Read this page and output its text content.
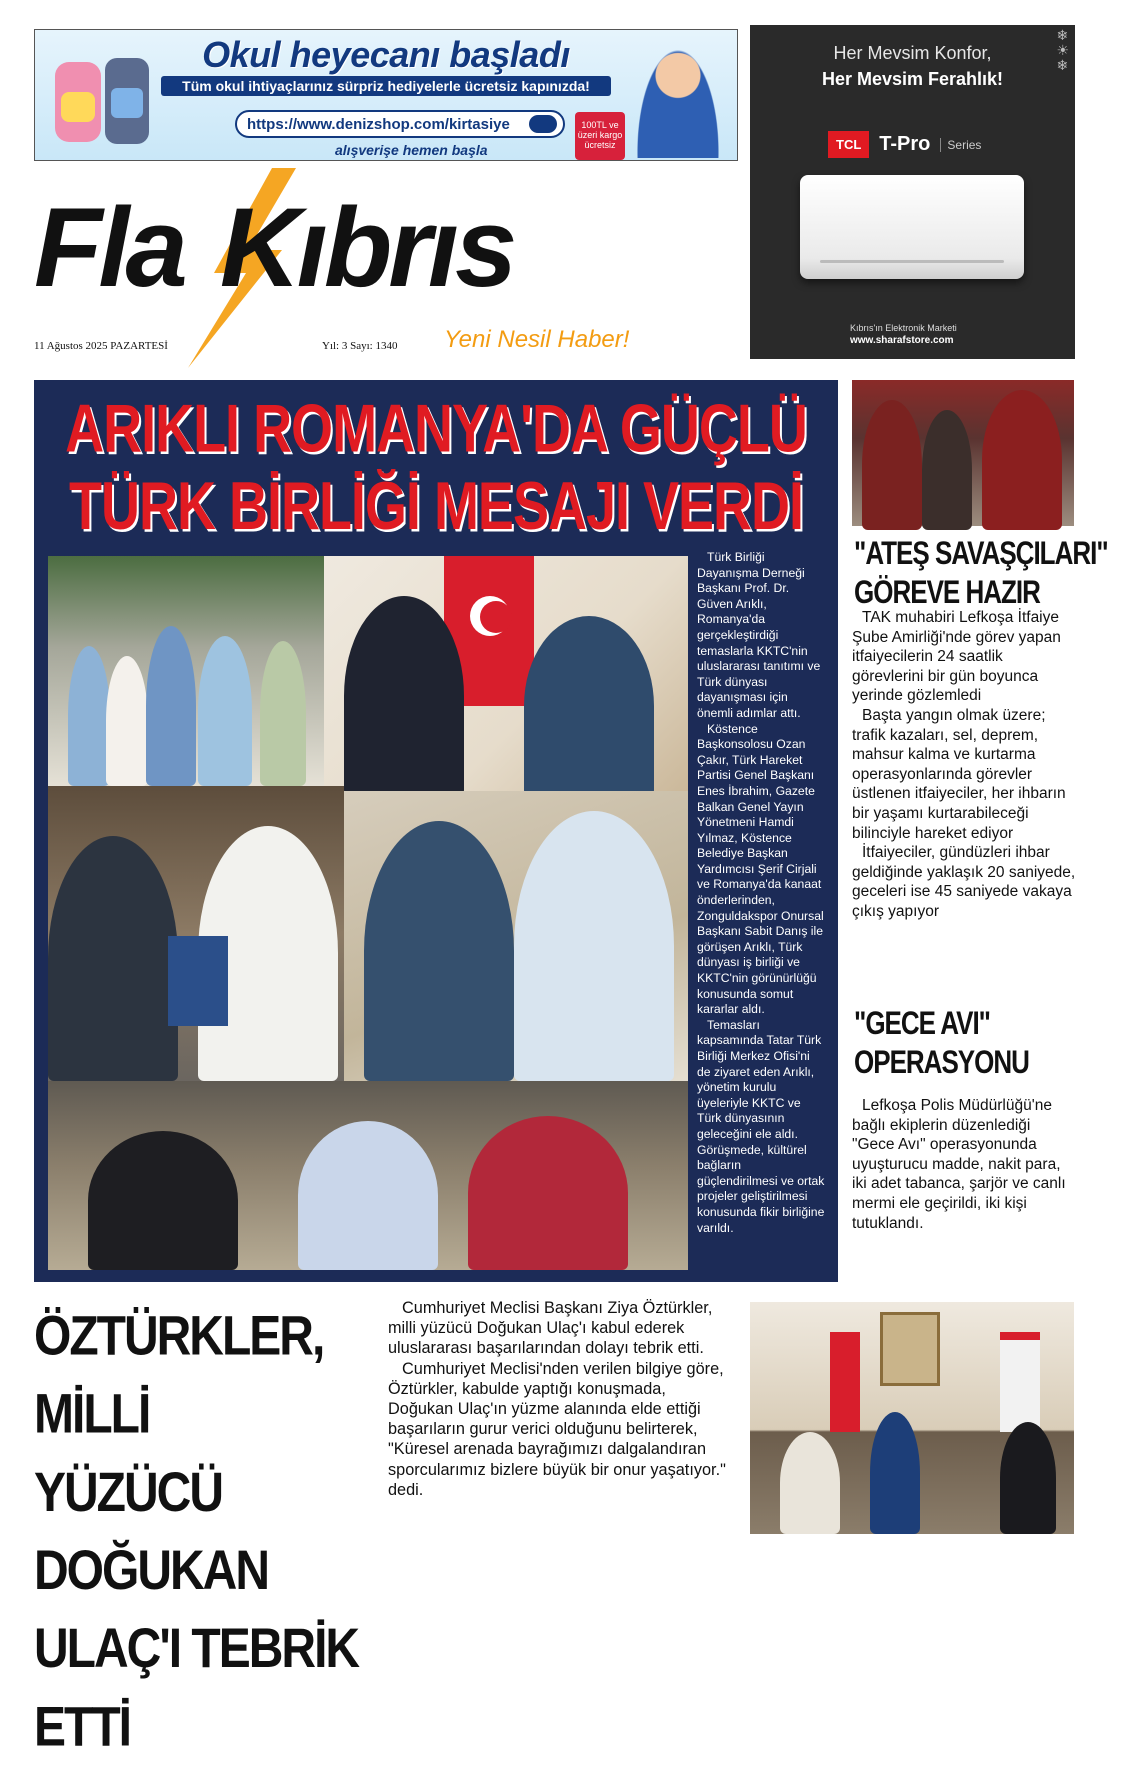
Okul heyecanı başladı
Tüm okul ihtiyaçlarınız sürpriz hediyelerle ücretsiz kapınızda!
https://www.denizshop.com/kirtasiye
alışverişe hemen başla
100TL ve üzeri kargo ücretsiz
❄
☀
❄
Her Mevsim Konfor,
Her Mevsim Ferahlık!
TCL T-Pro	Series
Kıbrıs'ın Elektronik Marketi
www.sharafstore.com
Fla Kıbrıs
Yeni Nesil Haber!
11 Ağustos 2025 PAZARTESİ	Yıl: 3 Sayı: 1340
ARIKLI ROMANYA'DA GÜÇLÜ
TÜRK BİRLİĞİ MESAJI VERDİ

Türk Birliği Dayanışma Derneği Başkanı Prof. Dr. Güven Arıklı, Romanya'da gerçekleştirdiği temaslarla KKTC'nin uluslararası tanıtımı ve Türk dünyası dayanışması için önemli adımlar attı.

Köstence Başkonsolosu Ozan Çakır, Türk Hareket Partisi Genel Başkanı Enes İbrahim, Gazete Balkan Genel Yayın Yönetmeni Hamdi Yılmaz, Köstence Belediye Başkan Yardımcısı Şerif Cirjali ve Romanya'da kanaat önderlerinden, Zonguldakspor Onursal Başkanı Sabit Danış ile görüşen Arıklı, Türk dünyası iş birliği ve KKTC'nin görünürlüğü konusunda somut kararlar aldı.

Temasları kapsamında Tatar Türk Birliği Merkez Ofisi'ni de ziyaret eden Arıklı, yönetim kurulu üyeleriyle KKTC ve Türk dünyasının geleceğini ele aldı. Görüşmede, kültürel bağların güçlendirilmesi ve ortak projeler geliştirilmesi konusunda fikir birliğine varıldı.

"ATEŞ SAVAŞÇILARI"
GÖREVE HAZIR

TAK muhabiri Lefkoşa İtfaiye Şube Amirliği'nde görev yapan itfaiyecilerin 24 saatlik görevlerini bir gün boyunca yerinde gözlemledi

Başta yangın olmak üzere; trafik kazaları, sel, deprem, mahsur kalma ve kurtarma operasyonlarında görevler üstlenen itfaiyeciler, her ihbarın bir yaşamı kurtarabileceği bilinciyle hareket ediyor

İtfaiyeciler, gündüzleri ihbar geldiğinde yaklaşık 20 saniyede, geceleri ise 45 saniyede vakaya çıkış yapıyor

"GECE AVI"
OPERASYONU

Lefkoşa Polis Müdürlüğü'ne bağlı ekiplerin düzenlediği "Gece Avı" operasyonunda uyuşturucu madde, nakit para, iki adet tabanca, şarjör ve canlı mermi ele geçirildi, iki kişi tutuklandı.

ÖZTÜRKLER, MİLLİ
YÜZÜCÜ DOĞUKAN
ULAÇ'I TEBRİK ETTİ

Cumhuriyet Meclisi Başkanı Ziya Öztürkler, milli yüzücü Doğukan Ulaç'ı kabul ederek uluslararası başarılarından dolayı tebrik etti.

Cumhuriyet Meclisi'nden verilen bilgiye göre, Öztürkler, kabulde yaptığı konuşmada, Doğukan Ulaç'ın yüzme alanında elde ettiği başarıların gurur verici olduğunu belirterek, "Küresel arenada bayrağımızı dalgalandıran sporcularımız bizlere büyük bir onur yaşatıyor." dedi.
